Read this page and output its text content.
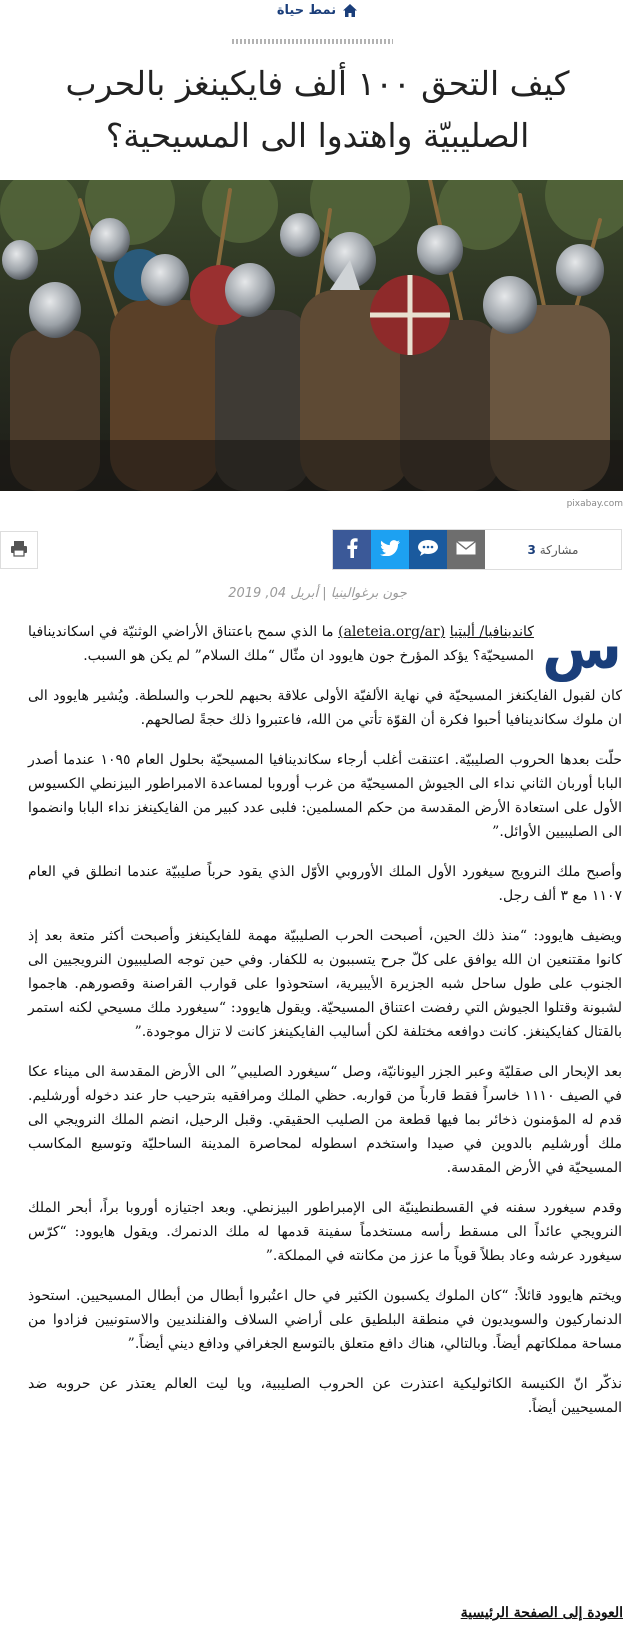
نمط حياة
كيف التحق ١٠٠ ألف فايكينغز بالحرب الصليبيّة واهتدوا الى المسيحية؟
pixabay.com
مشاركة 3
جون برغوالينيا | أبريل 04, 2019

س
كاندينافيا/ أليتيا (aleteia.org/ar) ما الذي سمح باعتناق الأراضي الوثنيّة في اسكاندينافيا المسيحيّة؟ يؤكد المؤرخ جون هايوود ان مثّال “ملك السلام” لم يكن هو السبب.

كان لقبول الفايكنغز المسيحيّة في نهاية الألفيّة الأولى علاقة بحبهم للحرب والسلطة. ويُشير هايوود الى ان ملوك سكاندينافيا أحبوا فكرة أن القوّة تأتي من الله، فاعتبروا ذلك حجةً لصالحهم.

حلّت بعدها الحروب الصليبيّة. اعتنقت أغلب أرجاء سكاندينافيا المسيحيّة بحلول العام ١٠٩٥ عندما أصدر البابا أوربان الثاني نداء الى الجيوش المسيحيّة من غرب أوروبا لمساعدة الامبراطور البيزنطي الكسيوس الأول على استعادة الأرض المقدسة من حكم المسلمين: فلبى عدد كبير من الفايكينغز نداء البابا وانضموا الى الصليبيين الأوائل.”

وأصبح ملك النرويج سيغورد الأول الملك الأوروبي الأوّل الذي يقود حرباً صليبيّة عندما انطلق في العام ١١٠٧ مع ٣ ألف رجل.

ويضيف هايوود: “منذ ذلك الحين، أصبحت الحرب الصليبيّة مهمة للفايكينغز وأصبحت أكثر متعة بعد إذ كانوا مقتنعين ان الله يوافق على كلّ جرح يتسببون به للكفار. وفي حين توجه الصليبيون النرويجيين الى الجنوب على طول ساحل شبه الجزيرة الأيبيرية، استحوذوا على قوارب القراصنة وقصورهم. هاجموا لشبونة وقتلوا الجيوش التي رفضت اعتناق المسيحيّة. ويقول هايوود: “سيغورد ملك مسيحي لكنه استمر بالقتال كفايكينغز. كانت دوافعه مختلفة لكن أساليب الفايكينغز كانت لا تزال موجودة.”

بعد الإبحار الى صقليّة وعبر الجزر اليونانيّة، وصل “سيغورد الصليبي” الى الأرض المقدسة الى ميناء عكا في الصيف ١١١٠ خاسراً فقط قارباً من قواربه. حظي الملك ومرافقيه بترحيب حار عند دخوله أورشليم. قدم له المؤمنون ذخائر بما فيها قطعة من الصليب الحقيقي. وقبل الرحيل، انضم الملك النرويجي الى ملك أورشليم بالدوين في صيدا واستخدم اسطوله لمحاصرة المدينة الساحليّة وتوسيع المكاسب المسيحيّة في الأرض المقدسة.

وقدم سيغورد سفنه في القسطنطينيّة الى الإمبراطور البيزنطي. وبعد اجتيازه أوروبا براً، أبحر الملك النرويجي عائداً الى مسقط رأسه مستخدماً سفينة قدمها له ملك الدنمرك. ويقول هايوود: “كرّس سيغورد عرشه وعاد بطلاً قوياً ما عزز من مكانته في المملكة.”

ويختم هايوود قائلاً: “كان الملوك يكسبون الكثير في حال اعتُبروا أبطال من أبطال المسيحيين. استحوذ الدنماركيون والسويديون في منطقة البلطيق على أراضي السلاف والفنلنديين والاستونيين فزادوا من مساحة مملكاتهم أيضاً. وبالتالي، هناك دافع متعلق بالتوسع الجغرافي ودافع ديني أيضاً.”

نذكّر انّ الكنيسة الكاثوليكية اعتذرت عن الحروب الصليبية، ويا ليت العالم يعتذر عن حروبه ضد المسيحيين أيضاً.

العودة إلى الصفحة الرئيسية
